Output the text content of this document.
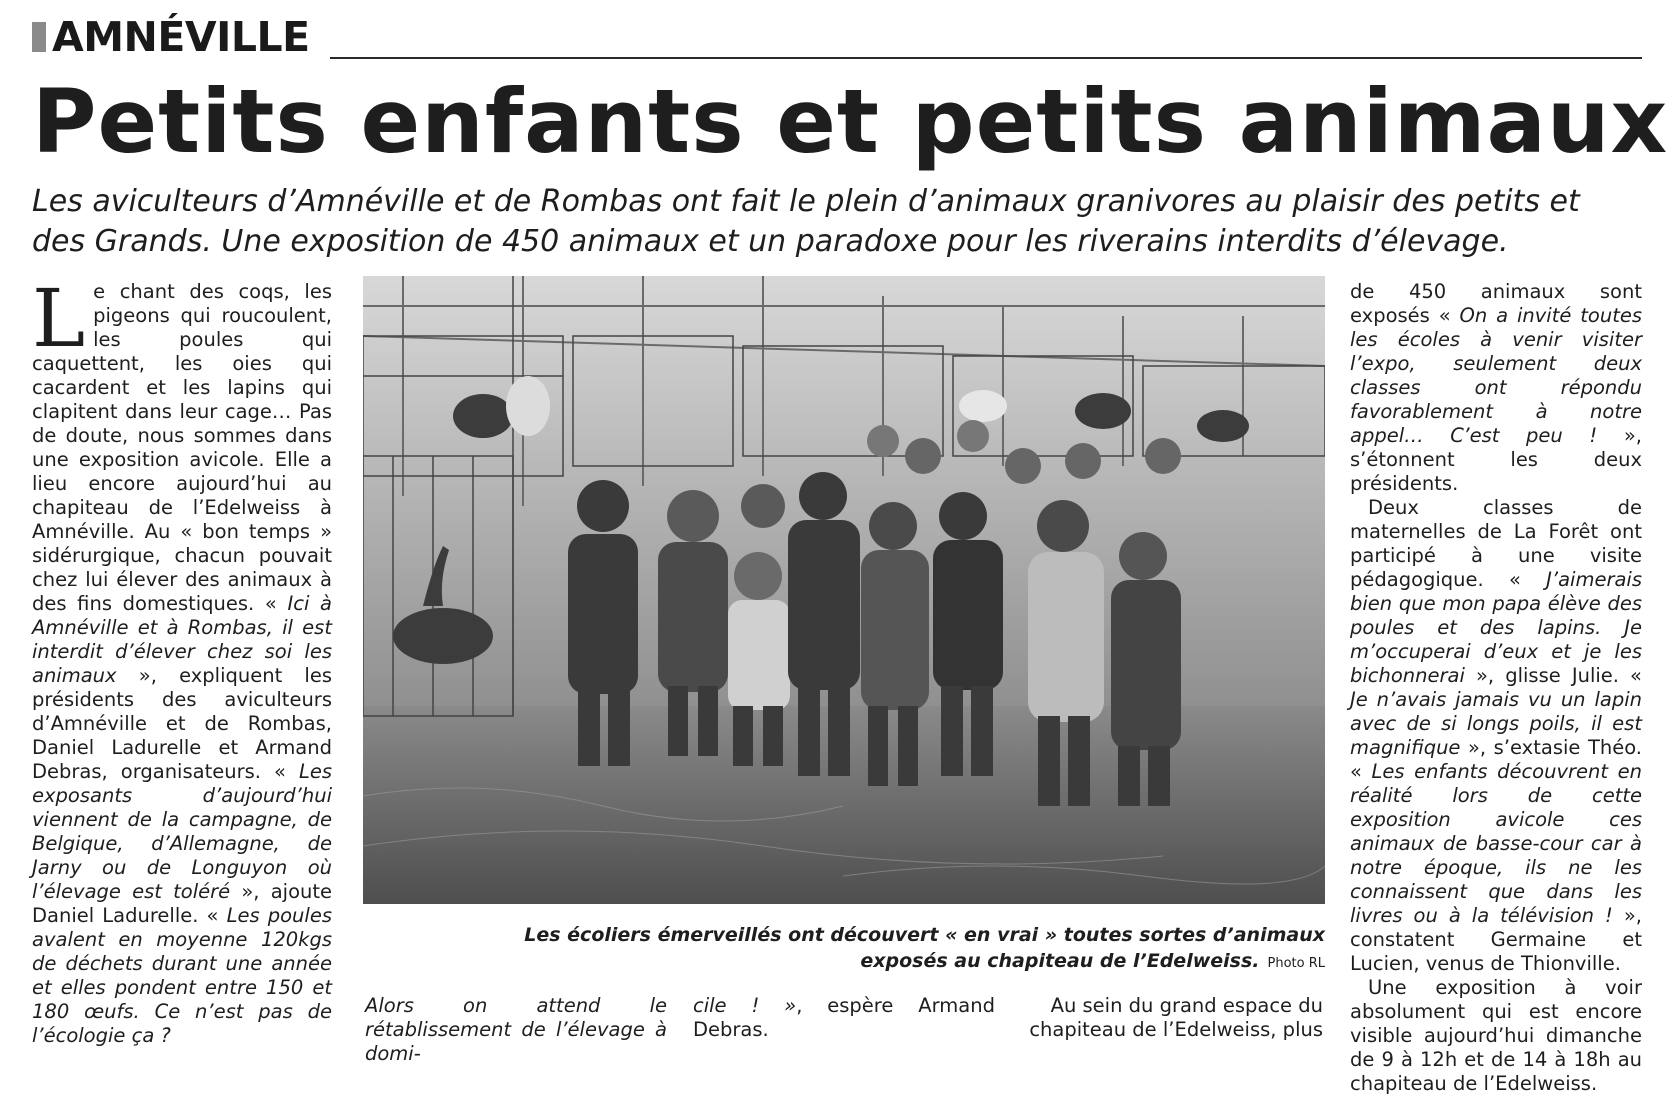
AMNÉVILLE
Petits enfants et petits animaux
Les aviculteurs d’Amnéville et de Rombas ont fait le plein d’animaux granivores au plaisir des petits et des Grands. Une exposition de 450 animaux et un paradoxe pour les riverains interdits d’élevage.

Le chant des coqs, les pigeons qui roucoulent, les poules qui caquettent, les oies qui cacardent et les lapins qui clapitent dans leur cage… Pas de doute, nous sommes dans une exposition avicole. Elle a lieu encore aujourd’hui au chapiteau de l’Edelweiss à Amnéville. Au « bon temps » sidérurgique, chacun pouvait chez lui élever des animaux à des fins domestiques. « Ici à Amnéville et à Rombas, il est interdit d’élever chez soi les animaux », expliquent les présidents des aviculteurs d’Amnéville et de Rombas, Daniel Ladurelle et Armand Debras, organisateurs. « Les exposants d’aujourd’hui viennent de la campagne, de Belgique, d’Allemagne, de Jarny ou de Longuyon où l’élevage est toléré », ajoute Daniel Ladurelle. « Les poules avalent en moyenne 120kgs de déchets durant une année et elles pondent entre 150 et 180 œufs. Ce n’est pas de l’écologie ça ?

Les écoliers émerveillés ont découvert « en vrai » toutes sortes d’animaux
exposés au chapiteau de l’Edelweiss. Photo RL
Alors on attend le rétablissement de l’élevage à domi-
cile ! », espère Armand Debras.
Au sein du grand espace du chapiteau de l’Edelweiss, plus

de 450 animaux sont exposés « On a invité toutes les écoles à venir visiter l’expo, seulement deux classes ont répondu favorablement à notre appel… C’est peu ! », s’étonnent les deux présidents.

Deux classes de maternelles de La Forêt ont participé à une visite pédagogique. « J’aimerais bien que mon papa élève des poules et des lapins. Je m’occuperai d’eux et je les bichonnerai », glisse Julie. « Je n’avais jamais vu un lapin avec de si longs poils, il est magnifique », s’extasie Théo. « Les enfants découvrent en réalité lors de cette exposition avicole ces animaux de basse-cour car à notre époque, ils ne les connaissent que dans les livres ou à la télévision ! », constatent Germaine et Lucien, venus de Thionville.

Une exposition à voir absolument qui est encore visible aujourd’hui dimanche de 9 à 12h et de 14 à 18h au chapiteau de l’Edelweiss.
